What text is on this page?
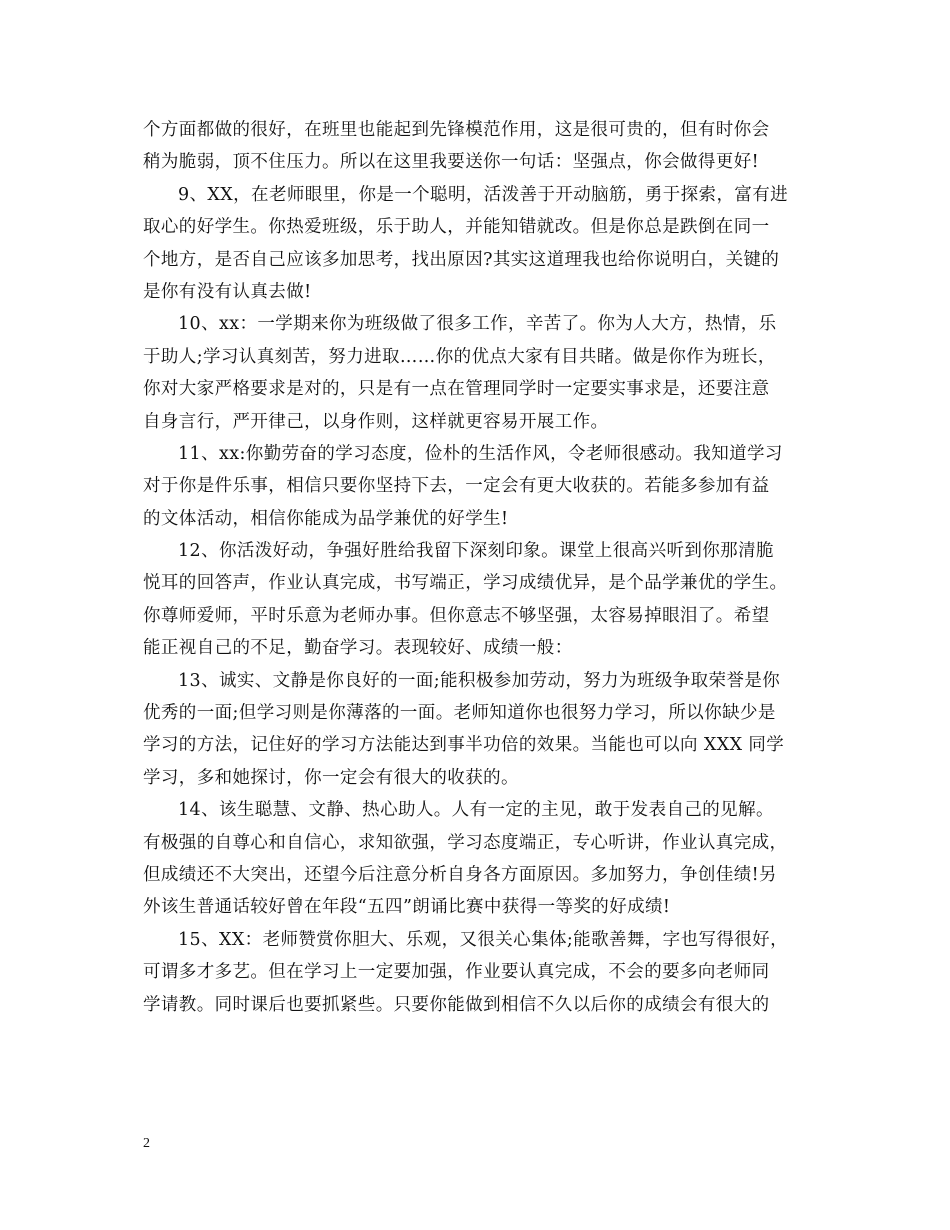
个方面都做的很好，在班里也能起到先锋模范作用，这是很可贵的，但有时你会
稍为脆弱，顶不住压力。所以在这里我要送你一句话：坚强点，你会做得更好!
9、XX，在老师眼里，你是一个聪明，活泼善于开动脑筋，勇于探索，富有进
取心的好学生。你热爱班级，乐于助人，并能知错就改。但是你总是跌倒在同一
个地方，是否自己应该多加思考，找出原因?其实这道理我也给你说明白，关键的
是你有没有认真去做!
10、xx：一学期来你为班级做了很多工作，辛苦了。你为人大方，热情，乐
于助人;学习认真刻苦，努力进取……你的优点大家有目共睹。做是你作为班长，
你对大家严格要求是对的，只是有一点在管理同学时一定要实事求是，还要注意
自身言行，严开律己，以身作则，这样就更容易开展工作。
11、xx:你勤劳奋的学习态度，俭朴的生活作风，令老师很感动。我知道学习
对于你是件乐事，相信只要你坚持下去，一定会有更大收获的。若能多参加有益
的文体活动，相信你能成为品学兼优的好学生!
12、你活泼好动，争强好胜给我留下深刻印象。课堂上很高兴听到你那清脆
悦耳的回答声，作业认真完成，书写端正，学习成绩优异，是个品学兼优的学生。
你尊师爱师，平时乐意为老师办事。但你意志不够坚强，太容易掉眼泪了。希望
能正视自己的不足，勤奋学习。表现较好、成绩一般：
13、诚实、文静是你良好的一面;能积极参加劳动，努力为班级争取荣誉是你
优秀的一面;但学习则是你薄落的一面。老师知道你也很努力学习，所以你缺少是
学习的方法，记住好的学习方法能达到事半功倍的效果。当能也可以向 XXX 同学
学习，多和她探讨，你一定会有很大的收获的。
14、该生聪慧、文静、热心助人。人有一定的主见，敢于发表自己的见解。
有极强的自尊心和自信心，求知欲强，学习态度端正，专心听讲，作业认真完成，
但成绩还不大突出，还望今后注意分析自身各方面原因。多加努力，争创佳绩!另
外该生普通话较好曾在年段“五四”朗诵比赛中获得一等奖的好成绩!
15、XX：老师赞赏你胆大、乐观，又很关心集体;能歌善舞，字也写得很好，
可谓多才多艺。但在学习上一定要加强，作业要认真完成，不会的要多向老师同
学请教。同时课后也要抓紧些。只要你能做到相信不久以后你的成绩会有很大的
2
